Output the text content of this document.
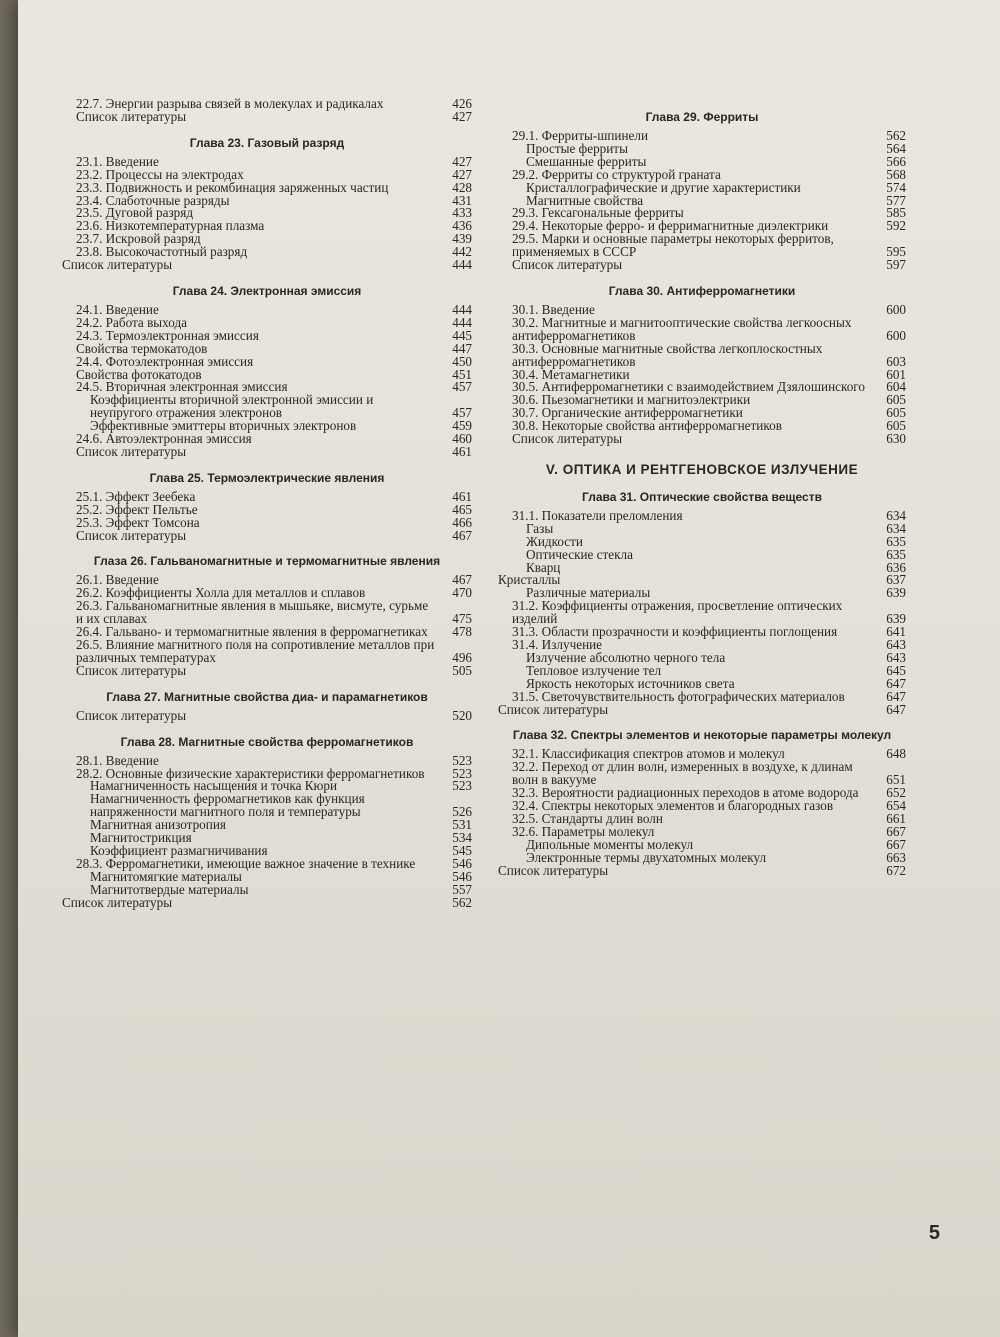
22.7. Энергии разрыва связей в молекулах и радикалах	426
Список литературы	427
Глава 23. Газовый разряд
23.1. Введение	427
23.2. Процессы на электродах	427
23.3. Подвижность и рекомбинация заряженных частиц	428
23.4. Слаботочные разряды	431
23.5. Дуговой разряд	433
23.6. Низкотемпературная плазма	436
23.7. Искровой разряд	439
23.8. Высокочастотный разряд	442
Список литературы	444
Глава 24. Электронная эмиссия
24.1. Введение	444
24.2. Работа выхода	444
24.3. Термоэлектронная эмиссия	445
Свойства термокатодов	447
24.4. Фотоэлектронная эмиссия	450
Свойства фотокатодов	451
24.5. Вторичная электронная эмиссия	457
Коэффициенты вторичной электронной эмиссии и неупругого отражения электронов	457
Эффективные эмиттеры вторичных электронов	459
24.6. Автоэлектронная эмиссия	460
Список литературы	461
Глава 25. Термоэлектрические явления
25.1. Эффект Зеебека	461
25.2. Эффект Пельтье	465
25.3. Эффект Томсона	466
Список литературы	467
Глаза 26. Гальваномагнитные и термомагнитные явления
26.1. Введение	467
26.2. Коэффициенты Холла для металлов и сплавов	470
26.3. Гальваномагнитные явления в мышьяке, висмуте, сурьме и их сплавах	475
26.4. Гальвано- и термомагнитные явления в ферромагнетиках	478
26.5. Влияние магнитного поля на сопротивление металлов при различных температурах	496
Список литературы	505
Глава 27. Магнитные свойства диа- и парамагнетиков
Список литературы	520
Глава 28. Магнитные свойства ферромагнетиков
28.1. Введение	523
28.2. Основные физические характеристики ферромагнетиков	523
Намагниченность насыщения и точка Кюри	523
Намагниченность ферромагнетиков как функция напряженности магнитного поля и температуры	526
Магнитная анизотропия	531
Магнитострикция	534
Коэффициент размагничивания	545
28.3. Ферромагнетики, имеющие важное значение в технике	546
Магнитомягкие материалы	546
Магнитотвердые материалы	557
Список литературы	562
Глава 29. Ферриты
29.1. Ферриты-шпинели	562
Простые ферриты	564
Смешанные ферриты	566
29.2. Ферриты со структурой граната	568
Кристаллографические и другие характеристики	574
Магнитные свойства	577
29.3. Гексагональные ферриты	585
29.4. Некоторые ферро- и ферримагнитные диэлектрики	592
29.5. Марки и основные параметры некоторых ферритов, применяемых в СССР	595
Список литературы	597
Глава 30. Антиферромагнетики
30.1. Введение	600
30.2. Магнитные и магнитооптические свойства легкоосных антиферромагнетиков	600
30.3. Основные магнитные свойства легкоплоскостных антиферромагнетиков	603
30.4. Метамагнетики	601
30.5. Антиферромагнетики с взаимодействием Дзялошинского	604
30.6. Пьезомагнетики и магнитоэлектрики	605
30.7. Органические антиферромагнетики	605
30.8. Некоторые свойства антиферромагнетиков	605
Список литературы	630
V. ОПТИКА И РЕНТГЕНОВСКОЕ ИЗЛУЧЕНИЕ
Глава 31. Оптические свойства веществ
31.1. Показатели преломления	634
Газы	634
Жидкости	635
Оптические стекла	635
Кварц	636
Кристаллы	637
Различные материалы	639
31.2. Коэффициенты отражения, просветление оптических изделий	639
31.3. Области прозрачности и коэффициенты поглощения	641
31.4. Излучение	643
Излучение абсолютно черного тела	643
Тепловое излучение тел	645
Яркость некоторых источников света	647
31.5. Светочувствительность фотографических материалов	647
Список литературы	647
Глава 32. Спектры элементов и некоторые параметры молекул
32.1. Классификация спектров атомов и молекул	648
32.2. Переход от длин волн, измеренных в воздухе, к длинам волн в вакууме	651
32.3. Вероятности радиационных переходов в атоме водорода	652
32.4. Спектры некоторых элементов и благородных газов	654
32.5. Стандарты длин волн	661
32.6. Параметры молекул	667
Дипольные моменты молекул	667
Электронные термы двухатомных молекул	663
Список литературы	672
5
